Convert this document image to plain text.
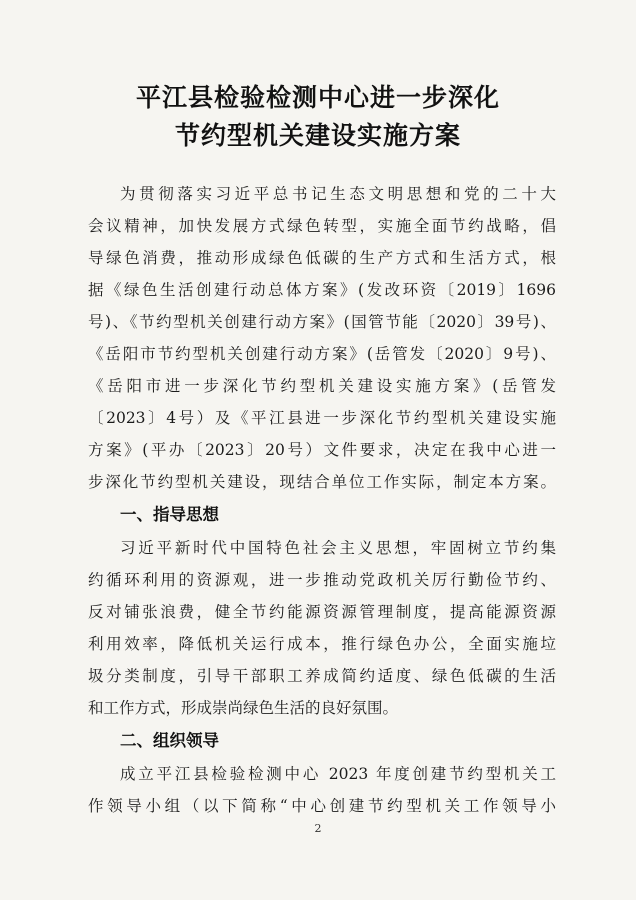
平江县检验检测中心进一步深化
节约型机关建设实施方案
为贯彻落实习近平总书记生态文明思想和党的二十大
会议精神，加快发展方式绿色转型，实施全面节约战略，倡
导绿色消费，推动形成绿色低碳的生产方式和生活方式，根
据《绿色生活创建行动总体方案》(发改环资〔2019〕1696
号)、《节约型机关创建行动方案》(国管节能〔2020〕39号)、
《岳阳市节约型机关创建行动方案》(岳管发〔2020〕9号)、
《岳阳市进一步深化节约型机关建设实施方案》(岳管发
〔2023〕4号）及《平江县进一步深化节约型机关建设实施
方案》(平办〔2023〕20号）文件要求，决定在我中心进一
步深化节约型机关建设，现结合单位工作实际，制定本方案。
一、指导思想
习近平新时代中国特色社会主义思想，牢固树立节约集
约循环利用的资源观，进一步推动党政机关厉行勤俭节约、
反对铺张浪费，健全节约能源资源管理制度，提高能源资源
利用效率，降低机关运行成本，推行绿色办公，全面实施垃
圾分类制度，引导干部职工养成简约适度、绿色低碳的生活
和工作方式，形成崇尚绿色生活的良好氛围。
二、组织领导
成立平江县检验检测中心 2023 年度创建节约型机关工
作领导小组（以下简称“中心创建节约型机关工作领导小
2
